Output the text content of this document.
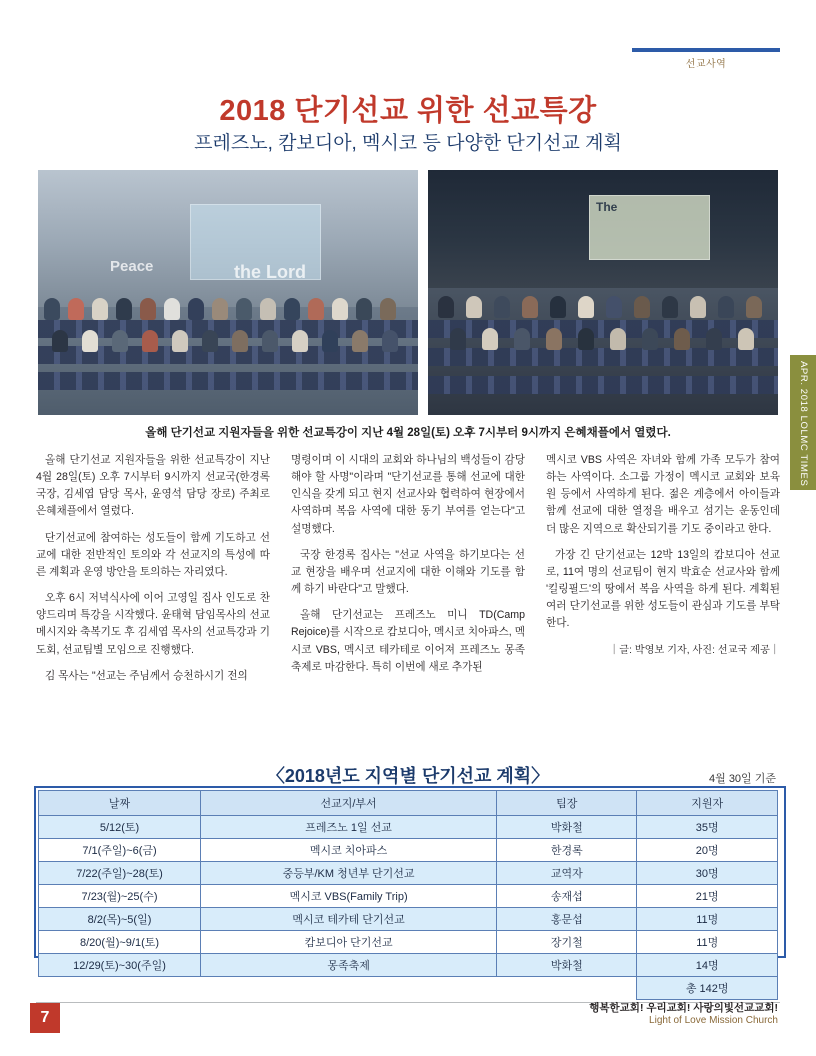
선교사역
2018 단기선교 위한 선교특강
프레즈노, 캄보디아, 멕시코 등 다양한 단기선교 계획
Peace	the Lord
The
올해 단기선교 지원자들을 위한 선교특강이 지난 4월 28일(토) 오후 7시부터 9시까지 은혜채플에서 열렸다.

올해 단기선교 지원자들을 위한 선교특강이 지난 4월 28일(토) 오후 7시부터 9시까지 선교국(한경록 국장, 김세엽 담당 목사, 윤영석 담당 장로) 주최로 은혜채플에서 열렸다.

단기선교에 참여하는 성도들이 함께 기도하고 선교에 대한 전반적인 토의와 각 선교지의 특성에 따른 계획과 운영 방안을 토의하는 자리였다.

오후 6시 저녁식사에 이어 고영일 집사 인도로 찬양드리며 특강을 시작했다. 윤태혁 담임목사의 선교 메시지와 축복기도 후 김세엽 목사의 선교특강과 기도회, 선교팀별 모임으로 진행했다.

김 목사는 "선교는 주님께서 승천하시기 전의

명령이며 이 시대의 교회와 하나님의 백성들이 감당해야 할 사명"이라며 "단기선교를 통해 선교에 대한 인식을 갖게 되고 현지 선교사와 협력하여 현장에서 사역하며 복음 사역에 대한 동기 부여를 얻는다"고 설명했다.

국장 한경록 집사는 "선교 사역을 하기보다는 선교 현장을 배우며 선교지에 대한 이해와 기도를 함께 하기 바란다"고 말했다.

올해 단기선교는 프레즈노 미니 TD(Camp Rejoice)를 시작으로 캄보디아, 멕시코 치아파스, 멕시코 VBS, 멕시코 테카테로 이어져 프레즈노 몽족 축제로 마감한다. 특히 이번에 새로 추가된

멕시코 VBS 사역은 자녀와 함께 가족 모두가 참여하는 사역이다. 소그룹 가정이 멕시코 교회와 보육원 등에서 사역하게 된다. 젊은 계층에서 아이들과 함께 선교에 대한 열정을 배우고 섬기는 운동인데 더 많은 지역으로 확산되기를 기도 중이라고 한다.

가장 긴 단기선교는 12박 13일의 캄보디아 선교로, 11여 명의 선교팀이 현지 박효순 선교사와 함께 '킬링필드'의 땅에서 복음 사역을 하게 된다. 계획된 여러 단기선교를 위한 성도들이 관심과 기도를 부탁한다.

｜글: 박영보 기자, 사진: 선교국 제공｜
〈2018년도 지역별 단기선교 계획〉	4월 30일 기준
날짜	선교지/부서	팀장	지원자
5/12(토)	프레즈노 1일 선교	박화철	35명
7/1(주일)~6(금)	멕시코 치아파스	한경록	20명
7/22(주일)~28(토)	중등부/KM 청년부 단기선교	교역자	30명
7/23(월)~25(수)	멕시코 VBS(Family Trip)	송재섭	21명
8/2(목)~5(일)	멕시코 테카테 단기선교	홍문섭	11명
8/20(월)~9/1(토)	캄보디아 단기선교	장기철	11명
12/29(토)~30(주일)	몽족축제	박화철	14명
			총 142명
APR. 2018 LOLMC TIMES | www.lolmc.org
7
행복한교회! 우리교회! 사랑의빛선교교회!
Light of Love Mission Church
